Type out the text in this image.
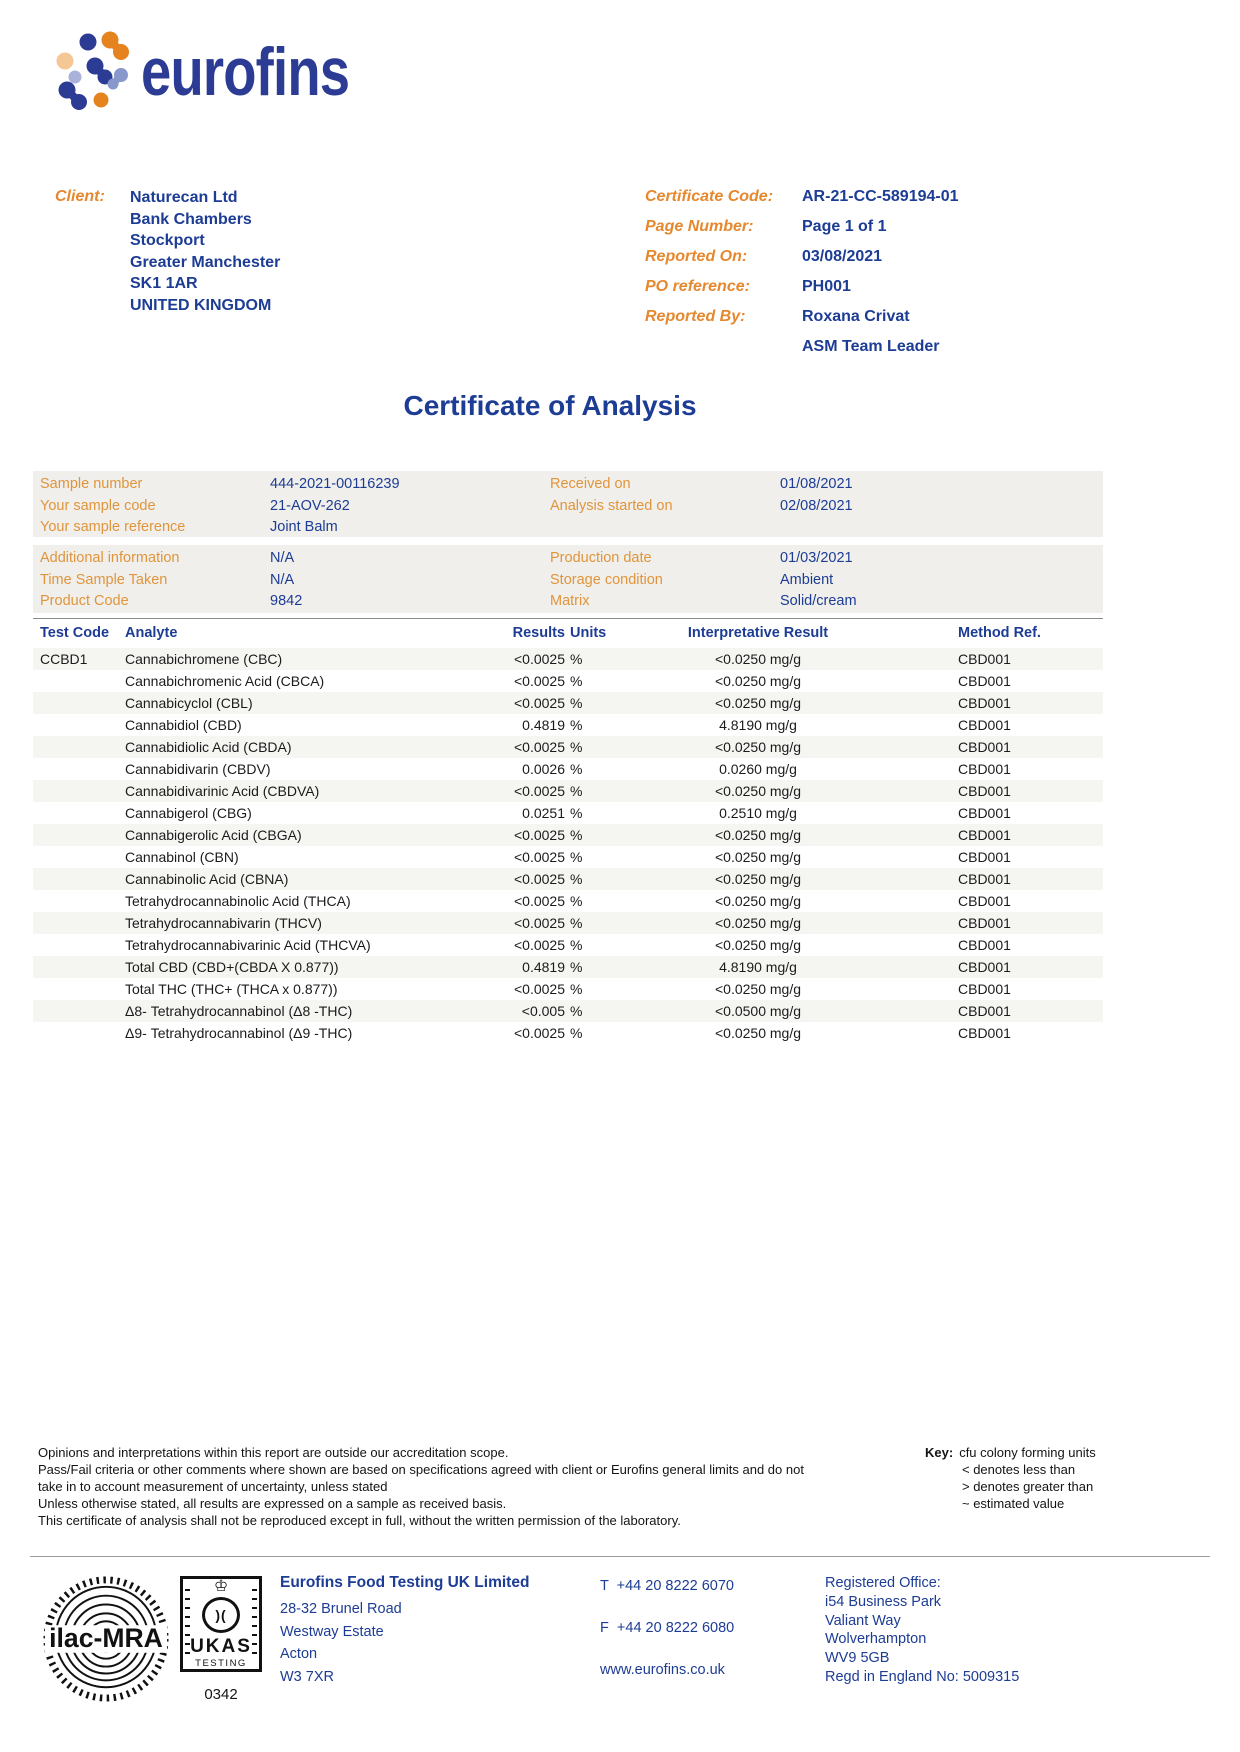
eurofins
Client: Naturecan Ltd
Bank Chambers
Stockport
Greater Manchester
SK1 1AR
UNITED KINGDOM
Certificate Code: AR-21-CC-589194-01
Page Number:	Page 1 of 1
Reported On:	03/08/2021
PO reference:	PH001
Reported By:	Roxana Crivat
ASM Team Leader
Certificate of Analysis
Sample number	444-2021-00116239	Received on	01/08/2021
Your sample code	21-AOV-262	Analysis started on	02/08/2021
Your sample reference	Joint Balm
Additional information	N/A	Production date	01/03/2021
Time Sample Taken	N/A	Storage condition	Ambient
Product Code	9842	Matrix	Solid/cream
Test Code Analyte	Results Units	Interpretative Result	Method Ref.
CCBD1	Cannabichromene (CBC)	<0.0025 %	<0.0250 mg/g	CBD001
Cannabichromenic Acid (CBCA)	<0.0025 %	<0.0250 mg/g	CBD001
Cannabicyclol (CBL)	<0.0025 %	<0.0250 mg/g	CBD001
Cannabidiol (CBD)	0.4819 %	4.8190 mg/g	CBD001
Cannabidiolic Acid (CBDA)	<0.0025 %	<0.0250 mg/g	CBD001
Cannabidivarin (CBDV)	0.0026 %	0.0260 mg/g	CBD001
Cannabidivarinic Acid (CBDVA)	<0.0025 %	<0.0250 mg/g	CBD001
Cannabigerol (CBG)	0.0251 %	0.2510 mg/g	CBD001
Cannabigerolic Acid (CBGA)	<0.0025 %	<0.0250 mg/g	CBD001
Cannabinol (CBN)	<0.0025 %	<0.0250 mg/g	CBD001
Cannabinolic Acid (CBNA)	<0.0025 %	<0.0250 mg/g	CBD001
Tetrahydrocannabinolic Acid (THCA)	<0.0025 %	<0.0250 mg/g	CBD001
Tetrahydrocannabivarin (THCV)	<0.0025 %	<0.0250 mg/g	CBD001
Tetrahydrocannabivarinic Acid (THCVA)	<0.0025 %	<0.0250 mg/g	CBD001
Total CBD (CBD+(CBDA X 0.877))	0.4819 %	4.8190 mg/g	CBD001
Total THC (THC+ (THCA x 0.877))	<0.0025 %	<0.0250 mg/g	CBD001
Δ8- Tetrahydrocannabinol (Δ8 -THC)	<0.005 %	<0.0500 mg/g	CBD001
Δ9- Tetrahydrocannabinol (Δ9 -THC)	<0.0025 %	<0.0250 mg/g	CBD001
Opinions and interpretations within this report are outside our accreditation scope.
Pass/Fail criteria or other comments where shown are based on specifications agreed with client or Eurofins general limits and do not
take in to account measurement of uncertainty, unless stated
Unless otherwise stated, all results are expressed on a sample as received basis.
This certificate of analysis shall not be reproduced except in full, without the written permission of the laboratory.
Key: cfu colony forming units
< denotes less than
> denotes greater than
~ estimated value
ilac-MRA
♔
)(
UKAS
TESTING
0342
Eurofins Food Testing UK Limited
28-32 Brunel Road
Westway Estate
Acton
W3 7XR
T  +44 20 8222 6070
F  +44 20 8222 6080
www.eurofins.co.uk
Registered Office:
i54 Business Park
Valiant Way
Wolverhampton
WV9 5GB
Regd in England No: 5009315
